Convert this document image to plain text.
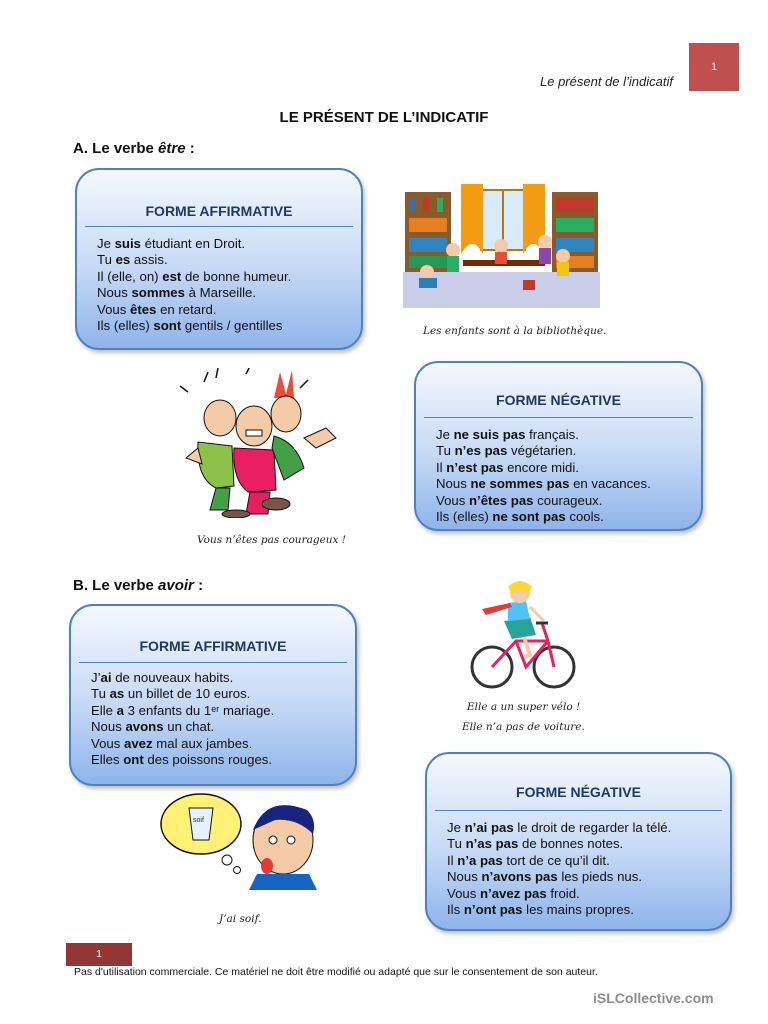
1
Le présent de l’indicatif
LE PRÉSENT DE L’INDICATIF
A. Le verbe être :
FORME AFFIRMATIVE
Je suis étudiant en Droit.
Tu es assis.
Il (elle, on) est de bonne humeur.
Nous sommes à Marseille.
Vous êtes en retard.
Ils (elles) sont gentils / gentilles
FORME NÉGATIVE
Je ne suis pas français.
Tu n’es pas végétarien.
Il n’est pas encore midi.
Nous ne sommes pas en vacances.
Vous n’êtes pas courageux.
Ils (elles) ne sont pas cools.
Les enfants sont à la bibliothèque.
Vous n’êtes pas courageux !
B. Le verbe avoir :
FORME AFFIRMATIVE
J’ai de nouveaux habits.
Tu as un billet de 10 euros.
Elle a 3 enfants du 1ᵉʳ mariage.
Nous avons un chat.
Vous avez mal aux jambes.
Elles ont des poissons rouges.
FORME NÉGATIVE
Je n’ai pas le droit de regarder la télé.
Tu n’as pas de bonnes notes.
Il n’a pas tort de ce qu’il dit.
Nous n’avons pas les pieds nus.
Vous n’avez pas froid.
Ils n’ont pas les mains propres.
Elle a un super vélo !
Elle n’a pas de voiture.
soif
J’ai soif.
1
Pas d'utilisation commerciale. Ce matériel ne doit être modifié ou adapté que sur le consentement de son auteur.
iSLCollective.com
